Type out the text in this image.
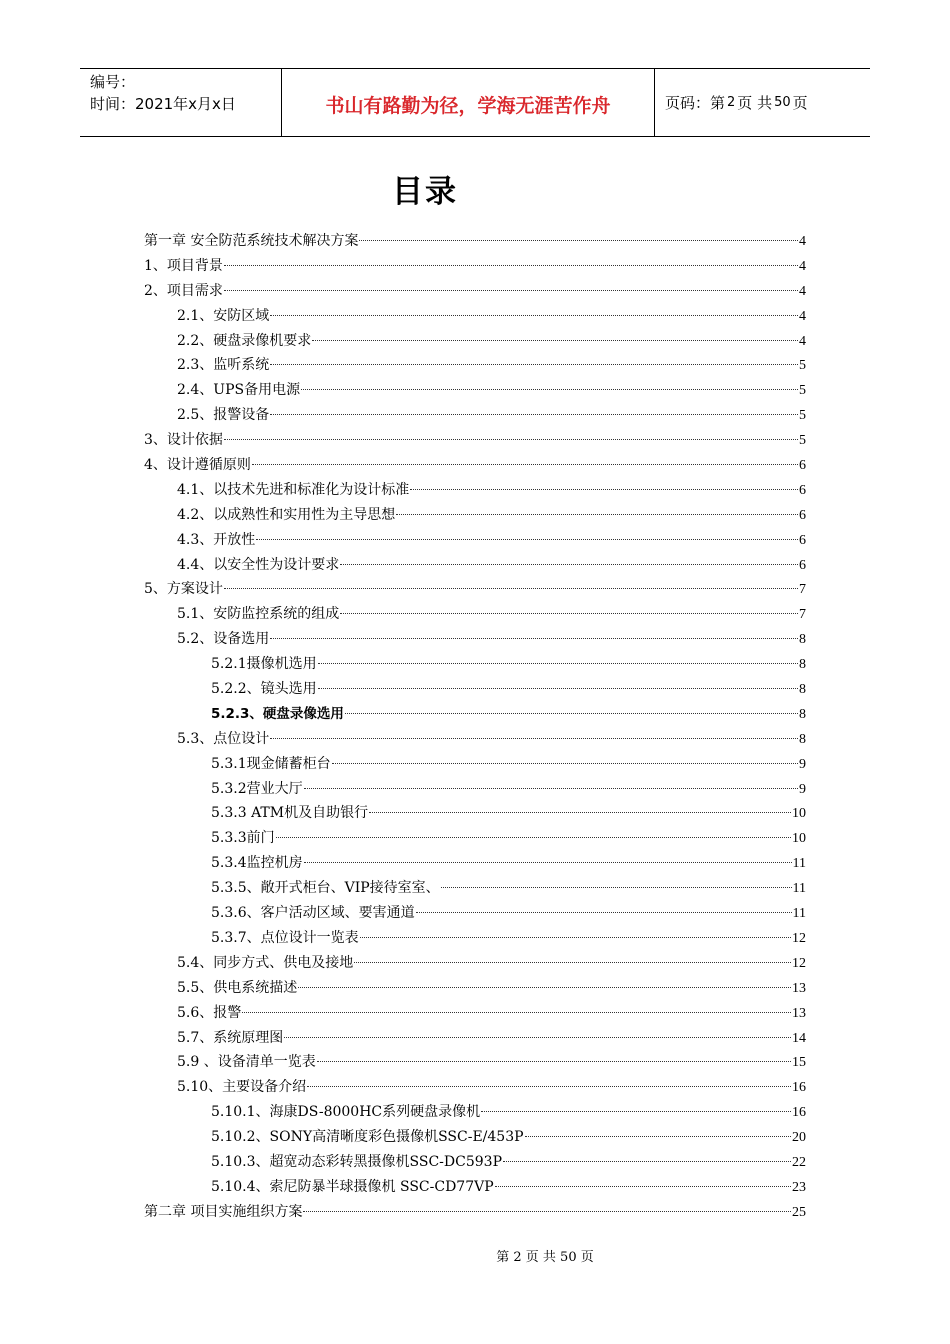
编号：
时间：2021年x月x日	书山有路勤为径，学海无涯苦作舟	页码：第 2 页 共 50 页
目录
第一章 安全防范系统技术解决方案	4
1、项目背景	4
2、项目需求	4
2.1、安防区域	4
2.2、硬盘录像机要求	4
2.3、监听系统	5
2.4、UPS备用电源	5
2.5、报警设备	5
3、设计依据	5
4、设计遵循原则	6
4.1、以技术先进和标准化为设计标准	6
4.2、以成熟性和实用性为主导思想	6
4.3、开放性	6
4.4、以安全性为设计要求	6
5、方案设计	7
5.1、安防监控系统的组成	7
5.2、设备选用	8
5.2.1摄像机选用	8
5.2.2、镜头选用	8
5.2.3、硬盘录像选用	8
5.3、点位设计	8
5.3.1现金储蓄柜台	9
5.3.2营业大厅	9
5.3.3 ATM机及自助银行	10
5.3.3前门	10
5.3.4监控机房	11
5.3.5、敞开式柜台、VIP接待室室、	11
5.3.6、客户活动区域、要害通道	11
5.3.7、点位设计一览表	12
5.4、同步方式、供电及接地	12
5.5、供电系统描述	13
5.6、报警	13
5.7、系统原理图	14
5.9 、设备清单一览表	15
5.10、主要设备介绍	16
5.10.1、海康DS-8000HC系列硬盘录像机	16
5.10.2、SONY高清晰度彩色摄像机SSC-E/453P	20
5.10.3、超宽动态彩转黑摄像机SSC-DC593P	22
5.10.4、索尼防暴半球摄像机 SSC-CD77VP	23
第二章 项目实施组织方案	25
第 2 页 共 50 页
